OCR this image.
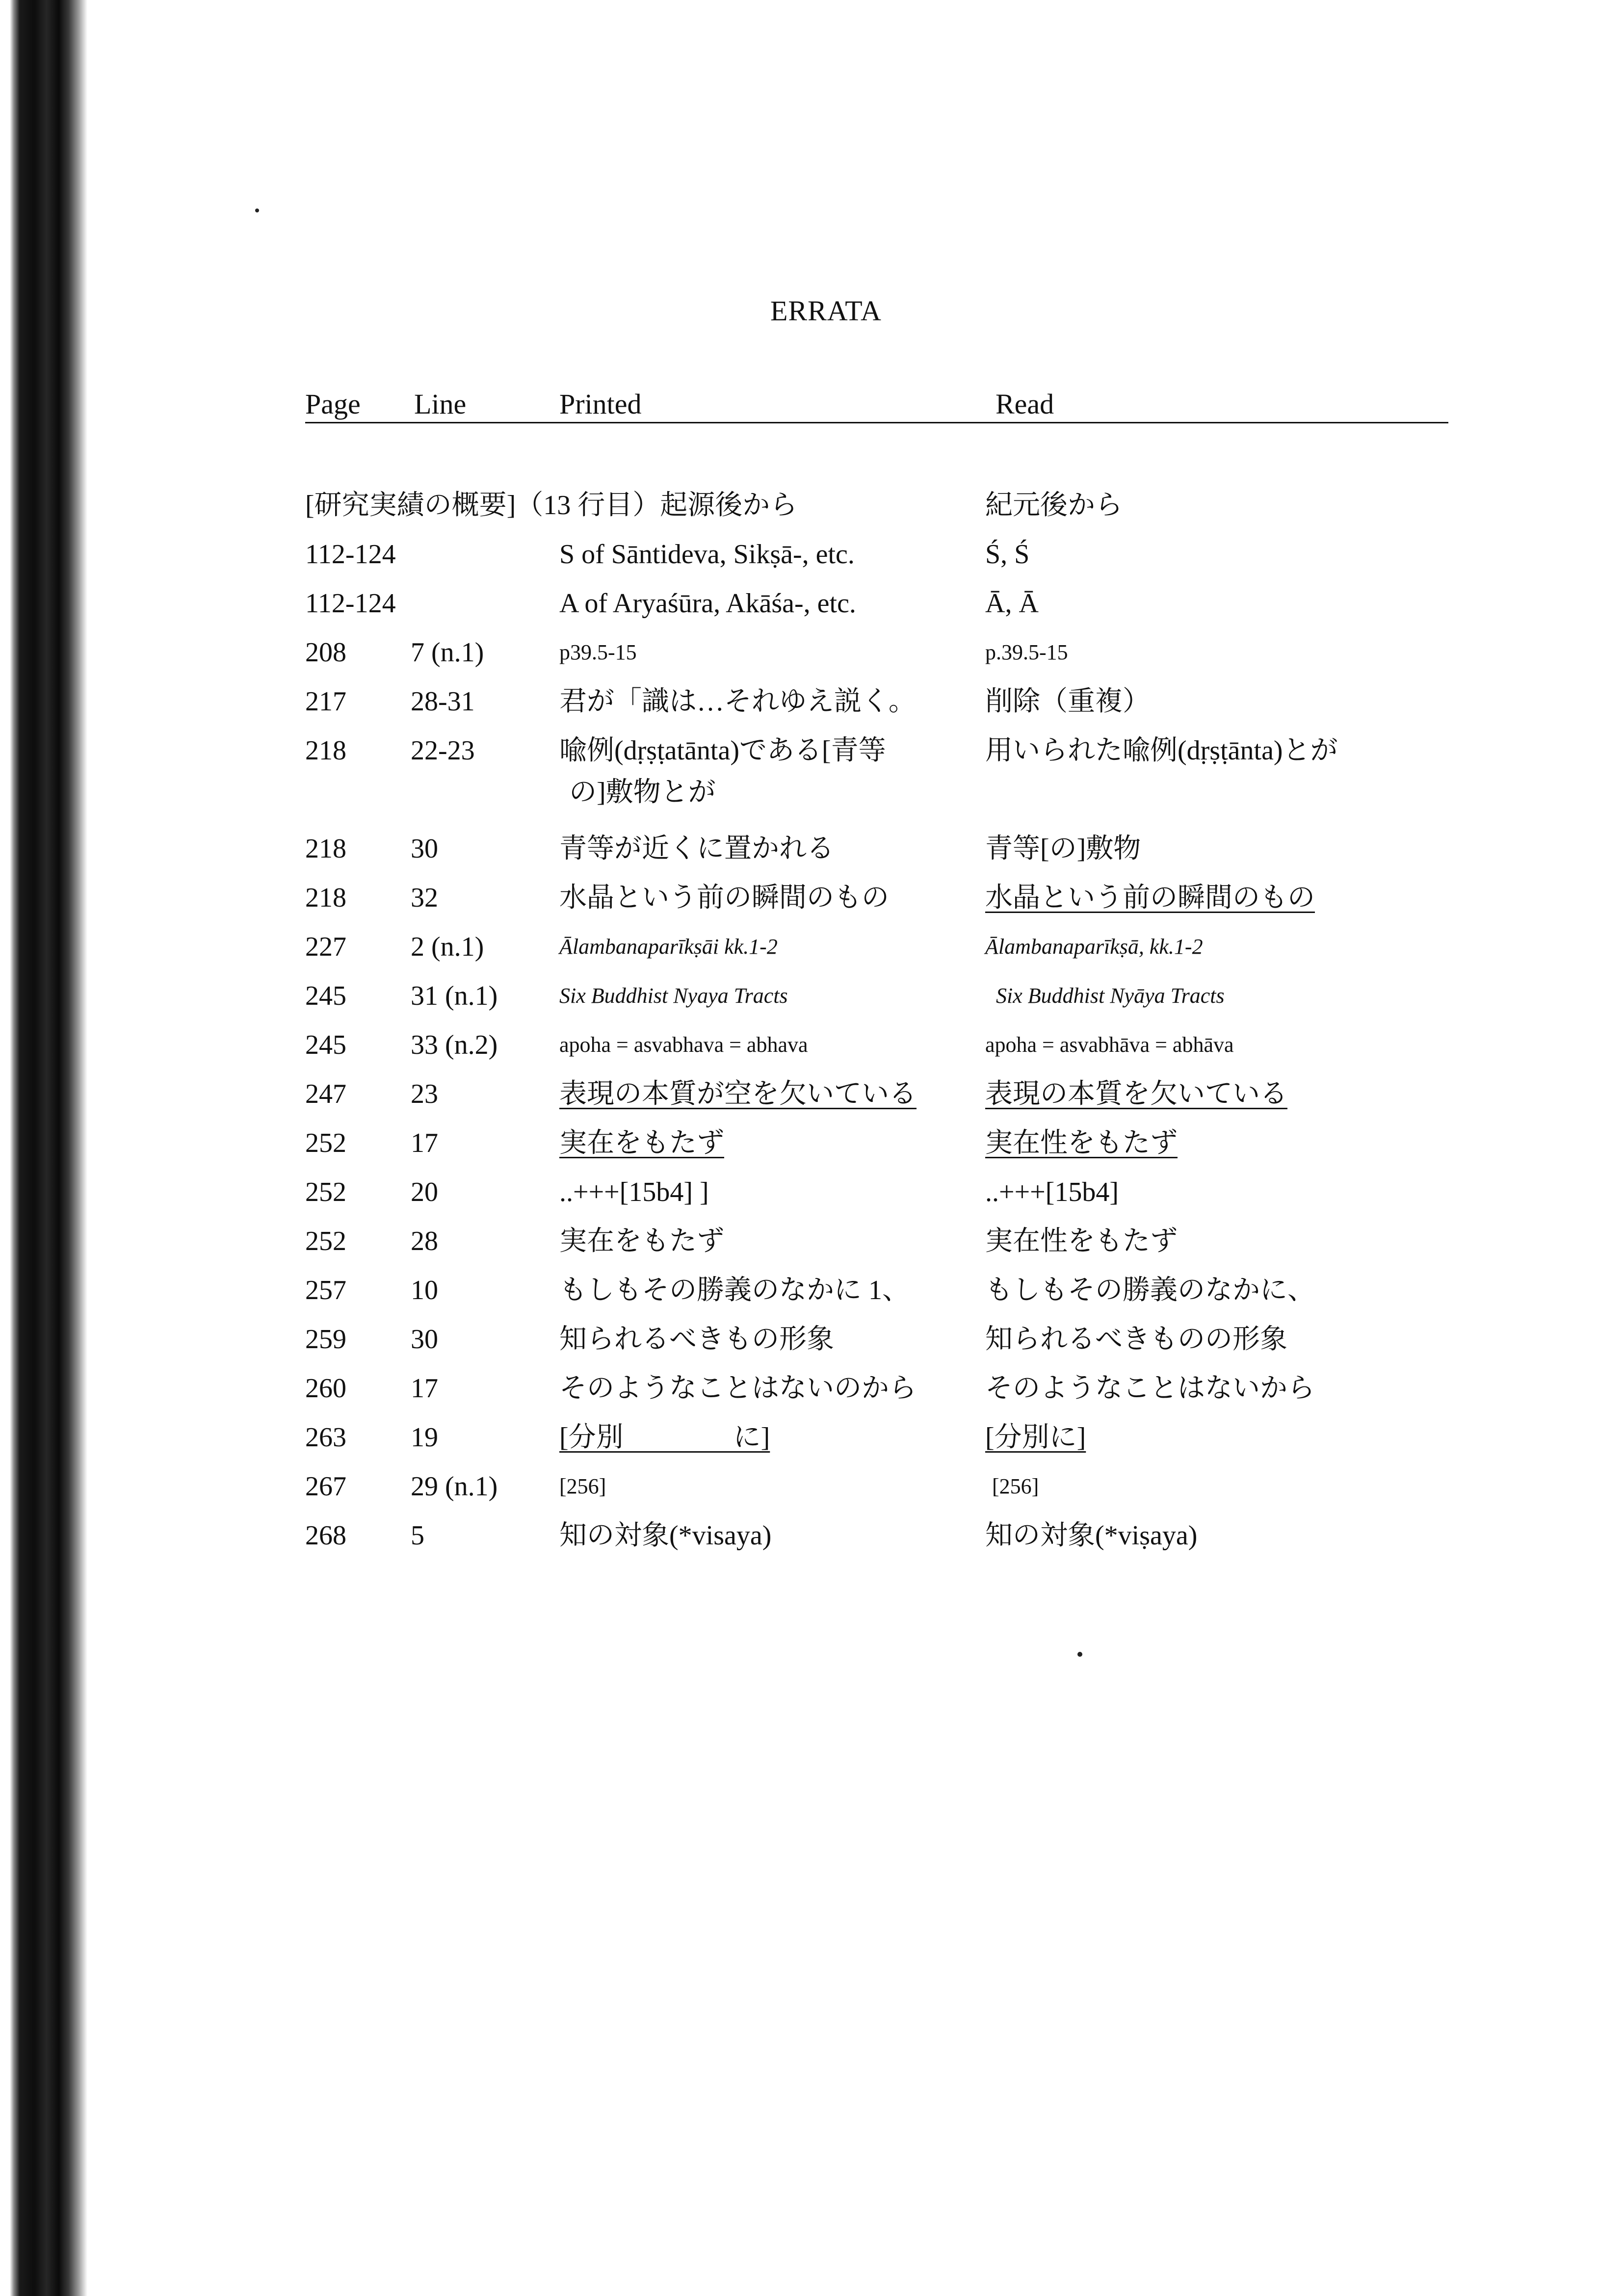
ERRATA
Page Line	Printed	Read
[研究実績の概要]（13 行目）起源後から	紀元後から
112-124	S of Sāntideva, Sikṣā-, etc.	Ś, Ś
112-124	A of Aryaśūra, Akāśa-, etc.	Ā, Ā
208 7 (n.1)	p39.5-15	p.39.5-15
217 28-31	君が「識は…それゆえ説く。	削除（重複）
218 22-23	喩例(dṛṣṭatānta)である[青等	用いられた喩例(dṛṣṭānta)とが
の]敷物とが
218 30	青等が近くに置かれる	青等[の]敷物
218 32	水晶という前の瞬間のもの	水晶という前の瞬間のもの
227 2 (n.1)	Ālambanaparīkṣāi kk.1-2	Ālambanaparīkṣā, kk.1-2
245 31 (n.1)	Six Buddhist Nyaya Tracts	Six Buddhist Nyāya Tracts
245 33 (n.2)	apoha = asvabhava = abhava	apoha = asvabhāva = abhāva
247 23	表現の本質が空を欠いている	表現の本質を欠いている
252 17	実在をもたず	実在性をもたず
252 20	..+++[15b4] ]	..+++[15b4]
252 28	実在をもたず	実在性をもたず
257 10	もしもその勝義のなかに 1、	もしもその勝義のなかに、
259 30	知られるべきもの形象	知られるべきものの形象
260 17	そのようなことはないのから	そのようなことはないから
263 19	[分別　　　　に]	[分別に]
267 29 (n.1)	[256]	[256]
268 5	知の対象(*visaya)	知の対象(*viṣaya)
